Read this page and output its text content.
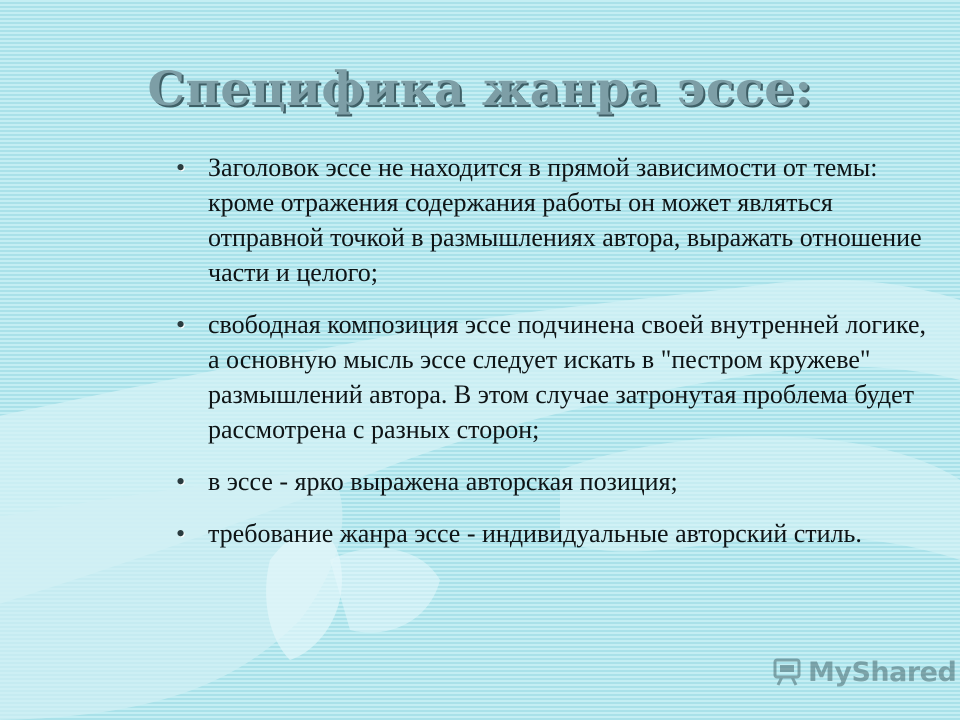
Специфика жанра эссе:
• Заголовок эссе не находится в прямой зависимости от темы: кроме отражения содержания работы он может являться отправной точкой в размышлениях автора, выражать отношение части и целого;
• свободная композиция эссе подчинена своей внутренней логике, а основную мысль эссе следует искать в "пестром кружеве" размышлений автора. В этом случае затронутая проблема будет рассмотрена с разных сторон;
• в эссе - ярко выражена авторская позиция;
• требование жанра эссе - индивидуальные авторский стиль.
MyShared
